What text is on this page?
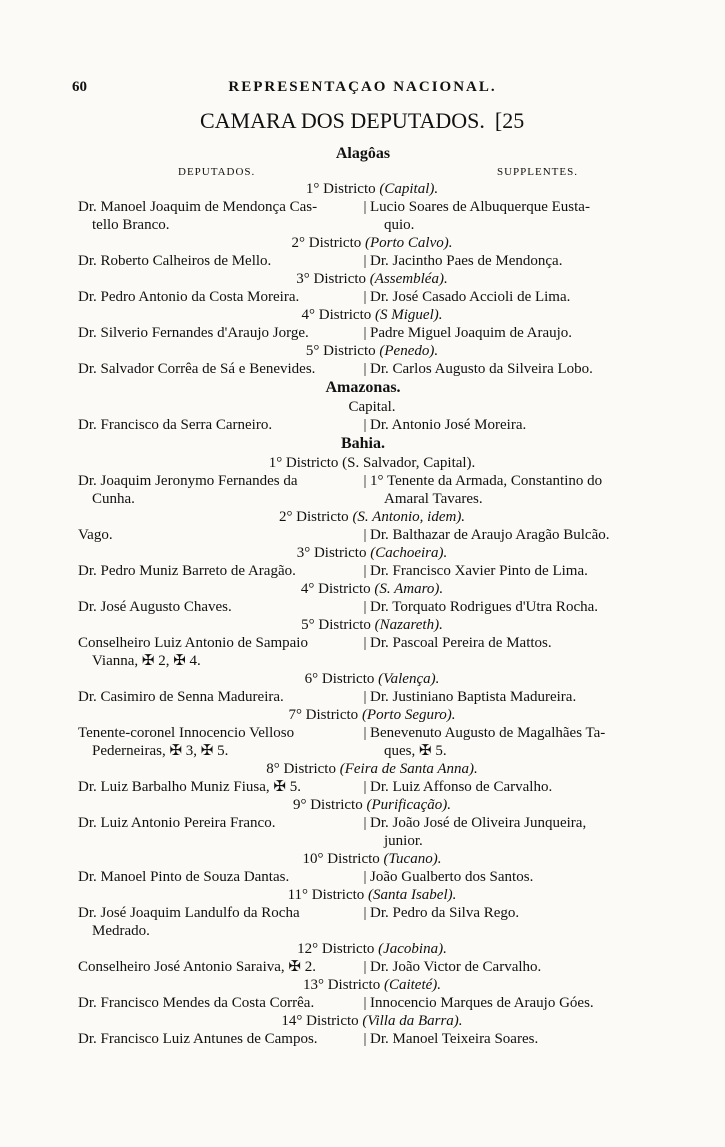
60	REPRESENTAÇAO NACIONAL.
CAMARA DOS DEPUTADOS. [25
Alagôas
DEPUTADOS.	SUPPLENTES.
1° Districto (Capital).
Dr. Manoel Joaquim de Mendonça Cas-
tello Branco.
| Lucio Soares de Albuquerque Eusta-
quio.
2° Districto (Porto Calvo).
Dr. Roberto Calheiros de Mello.	| Dr. Jacintho Paes de Mendonça.
3° Districto (Assembléa).
Dr. Pedro Antonio da Costa Moreira.	| Dr. José Casado Accioli de Lima.
4° Districto (S Miguel).
Dr. Silverio Fernandes d'Araujo Jorge.	| Padre Miguel Joaquim de Araujo.
5° Districto (Penedo).
Dr. Salvador Corrêa de Sá e Benevides.	| Dr. Carlos Augusto da Silveira Lobo.
Amazonas.
Capital.
Dr. Francisco da Serra Carneiro.	| Dr. Antonio José Moreira.
Bahia.
1° Districto (S. Salvador, Capital).
Dr. Joaquim Jeronymo Fernandes da
Cunha.
| 1° Tenente da Armada, Constantino do
Amaral Tavares.
2° Districto (S. Antonio, idem).
Vago.	| Dr. Balthazar de Araujo Aragão Bulcão.
3° Districto (Cachoeira).
Dr. Pedro Muniz Barreto de Aragão.	| Dr. Francisco Xavier Pinto de Lima.
4° Districto (S. Amaro).
Dr. José Augusto Chaves.	| Dr. Torquato Rodrigues d'Utra Rocha.
5° Districto (Nazareth).
Conselheiro Luiz Antonio de Sampaio
Vianna, ✠ 2, ✠ 4.
| Dr. Pascoal Pereira de Mattos.
6° Districto (Valença).
Dr. Casimiro de Senna Madureira.	| Dr. Justiniano Baptista Madureira.
7° Districto (Porto Seguro).
Tenente-coronel Innocencio Velloso
Pederneiras, ✠ 3, ✠ 5.
| Benevenuto Augusto de Magalhães Ta-
ques, ✠ 5.
8° Districto (Feira de Santa Anna).
Dr. Luiz Barbalho Muniz Fiusa, ✠ 5.	| Dr. Luiz Affonso de Carvalho.
9° Districto (Purificação).
Dr. Luiz Antonio Pereira Franco.	| Dr. João José de Oliveira Junqueira,
junior.
10° Districto (Tucano).
Dr. Manoel Pinto de Souza Dantas.	| João Gualberto dos Santos.
11° Districto (Santa Isabel).
Dr. José Joaquim Landulfo da Rocha
Medrado.
| Dr. Pedro da Silva Rego.
12° Districto (Jacobina).
Conselheiro José Antonio Saraiva, ✠ 2.	| Dr. João Victor de Carvalho.
13° Districto (Caiteté).
Dr. Francisco Mendes da Costa Corrêa.	| Innocencio Marques de Araujo Góes.
14° Districto (Villa da Barra).
Dr. Francisco Luiz Antunes de Campos.	| Dr. Manoel Teixeira Soares.
